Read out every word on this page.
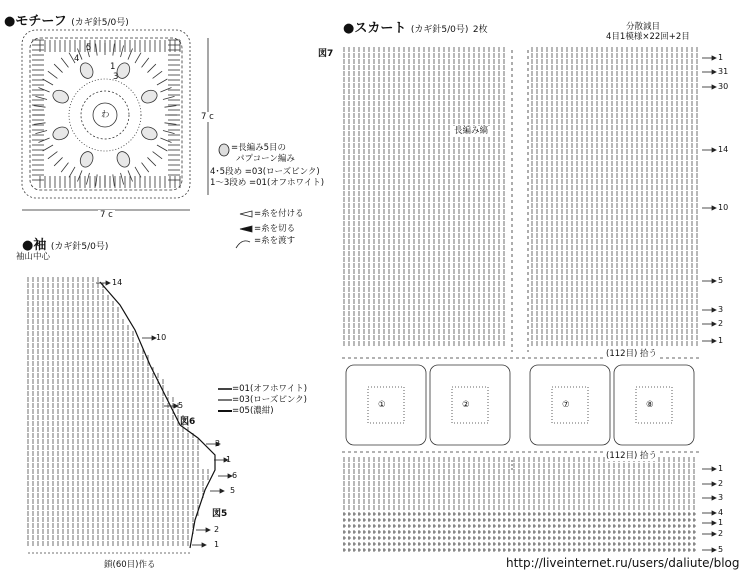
●モチーフ (カギ針5/0号)
わ
1
3
4
5
7 c
7 c
=長編み5目の
パプコーン編み
4･5段め =03(ローズピンク)
1～3段め =01(オフホワイト)
=糸を付ける
=糸を切る
=糸を渡す
●袖 (カギ針5/0号)
袖山中心
鎖(60目)作る
図6
図5
14
10
5
2
1
6
5
2
1
=01(オフホワイト)
=03(ローズピンク)
=05(濃紺)
●スカート (カギ針5/0号) 2枚	分散減目
4目1模様×22回+2目
図7
長編み縞
(112目) 拾う
(112目) 拾う
①	②	⑦	⑧
1
31
30
14
10
5
3
2
1
1
2
3
4
1
2
5
http://liveinternet.ru/users/daliute/blog
